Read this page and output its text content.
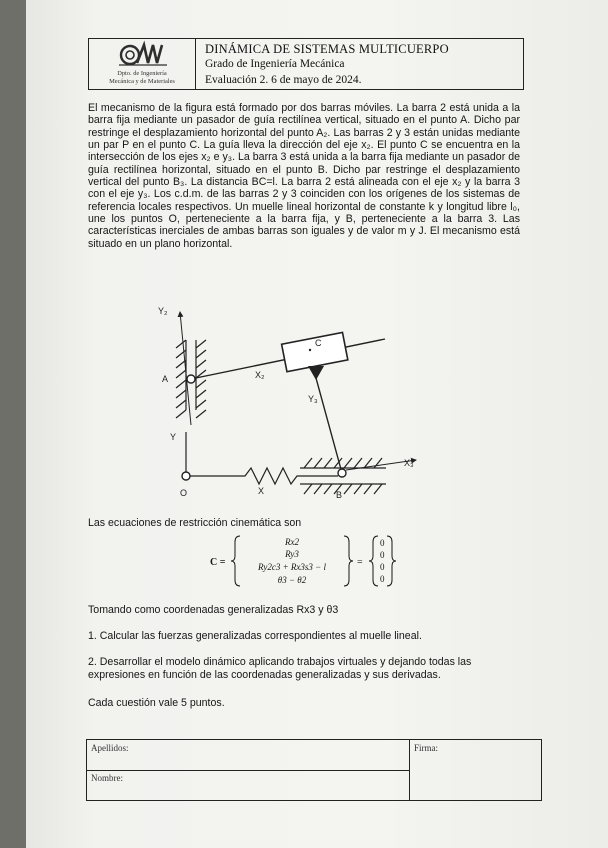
Dpto. de Ingeniería
Mecánica y de Materiales
DINÁMICA DE SISTEMAS MULTICUERPO
Grado de Ingeniería Mecánica
Evaluación 2. 6 de mayo de 2024.
El mecanismo de la figura está formado por dos barras móviles. La barra 2 está unida a la barra fija mediante un pasador de guía rectilínea vertical, situado en el punto A. Dicho par restringe el desplazamiento horizontal del punto A₂. Las barras 2 y 3 están unidas mediante un par P en el punto C. La guía lleva la dirección del eje x₂. El punto C se encuentra en la intersección de los ejes x₂ e y₃. La barra 3 está unida a la barra fija mediante un pasador de guía rectilínea horizontal, situado en el punto B. Dicho par restringe el desplazamiento vertical del punto B₃. La distancia BC=l. La barra 2 está alineada con el eje x₂ y la barra 3 con el eje y₃. Los c.d.m. de las barras 2 y 3 coinciden con los orígenes de los sistemas de referencia locales respectivos. Un muelle lineal horizontal de constante k y longitud libre l₀, une los puntos O, perteneciente a la barra fija, y B, perteneciente a la barra 3. Las características inerciales de ambas barras son iguales y de valor m y J. El mecanismo está situado en un plano horizontal.
Y₂
A	X₂
C
Y₃
Y
X₃
O	X	B
Las ecuaciones de restricción cinemática son
C =
Rx2
Ry3
Ry2c3 + Rx3s3 − l
θ3 − θ2
=
0
0
0
0
Tomando como coordenadas generalizadas Rx3 y θ3
1. Calcular las fuerzas generalizadas correspondientes al muelle lineal.
2. Desarrollar el modelo dinámico aplicando trabajos virtuales y dejando todas las expresiones en función de las coordenadas generalizadas y sus derivadas.
Cada cuestión vale 5 puntos.
Apellidos:
Nombre:
Firma:
